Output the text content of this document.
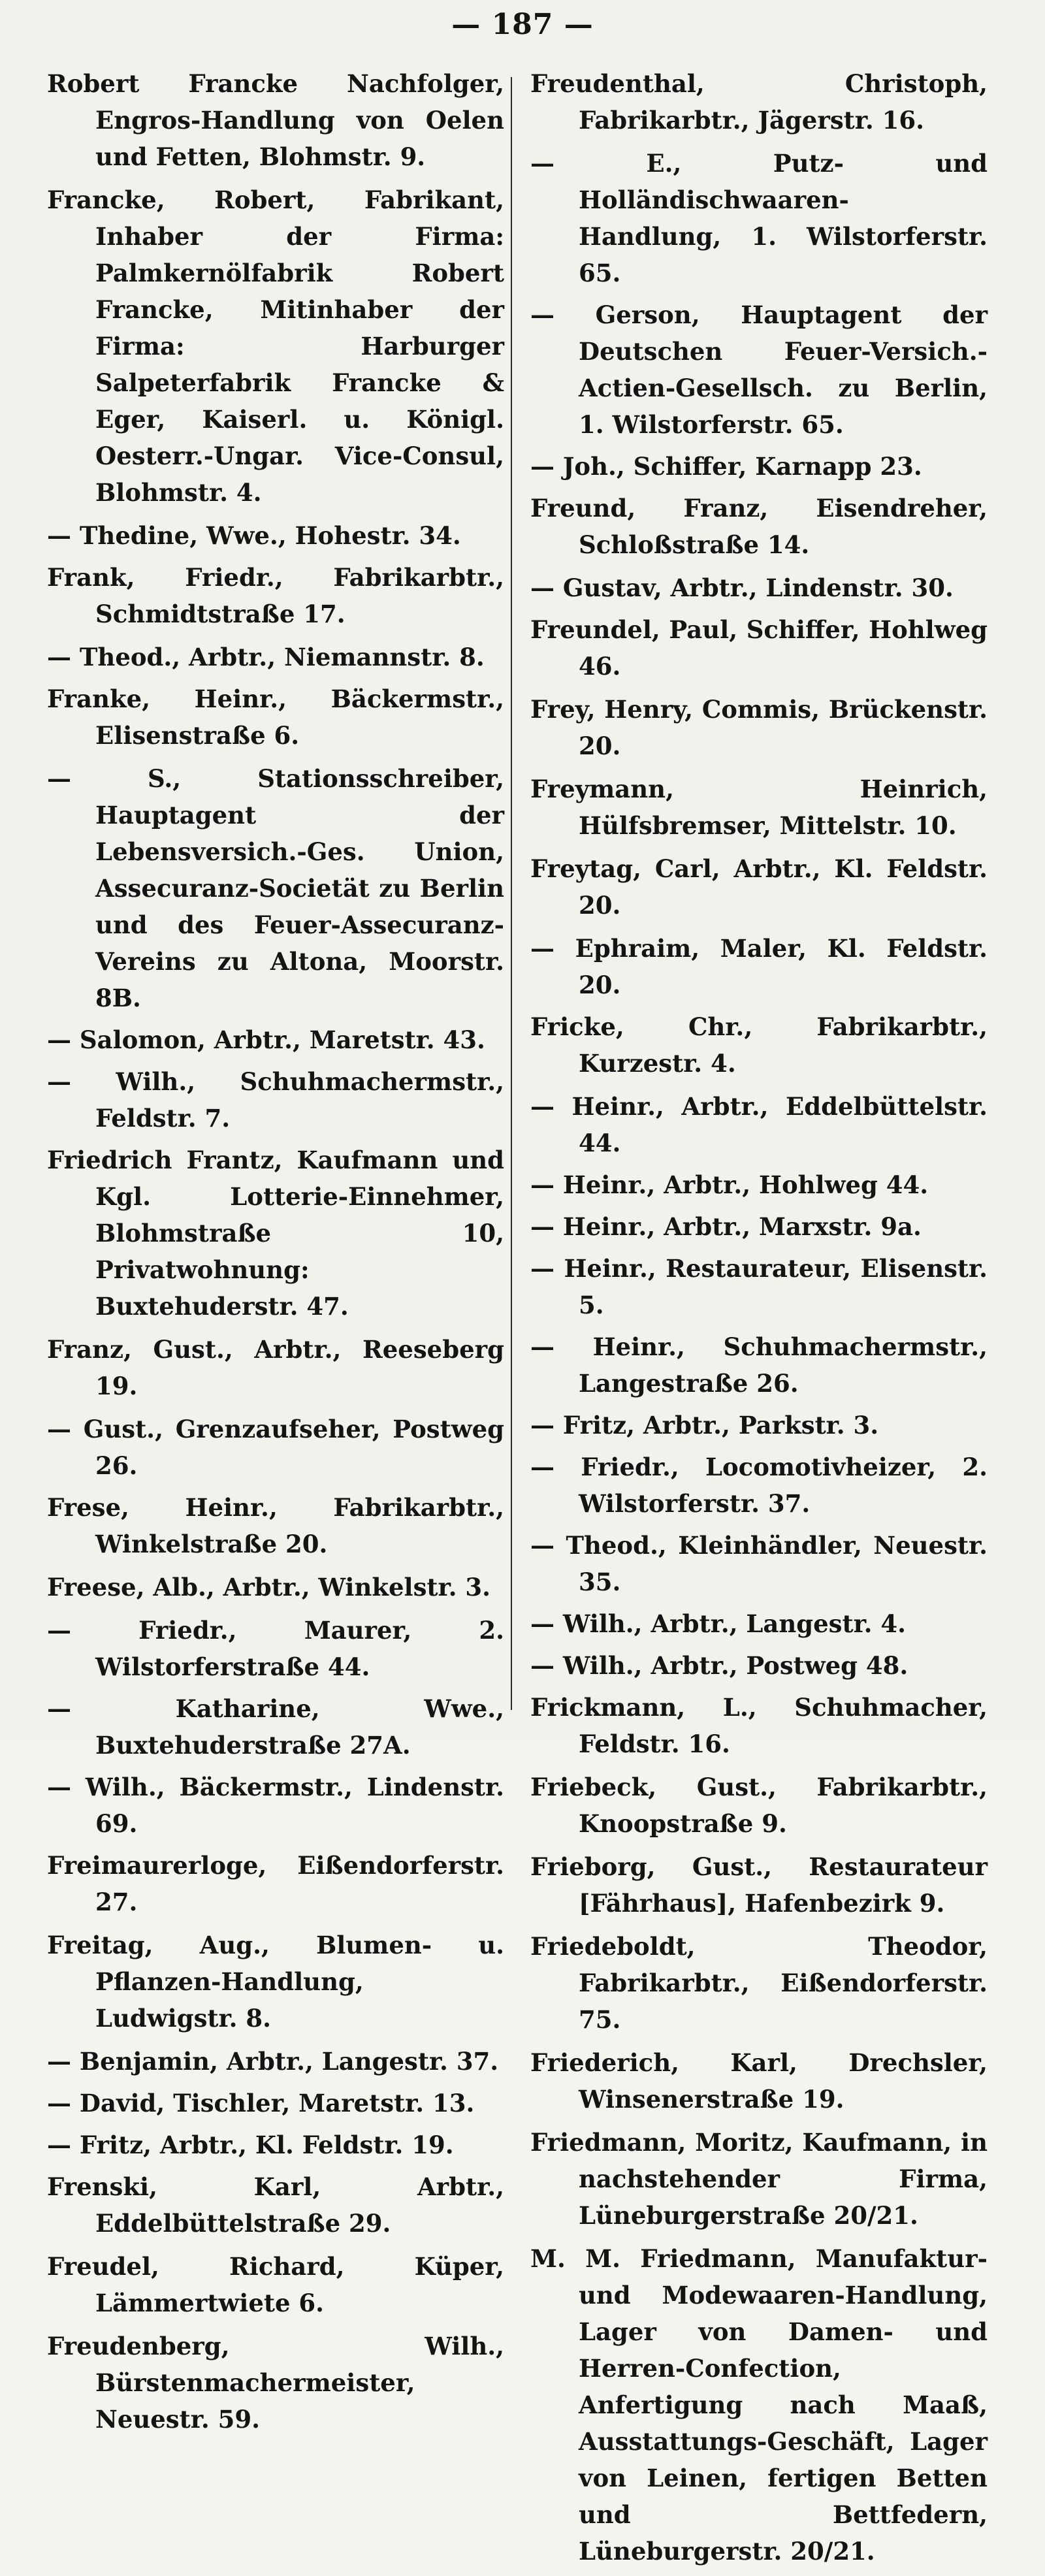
— 187 —
Robert Francke Nachfolger, Engros-Handlung von Oelen und Fetten, Blohmstr. 9.
Francke, Robert, Fabrikant, Inhaber der Firma: Palmkernölfabrik Robert Francke, Mitinhaber der Firma: Harburger Salpeterfabrik Francke & Eger, Kaiserl. u. Königl. Oesterr.-Ungar. Vice-Consul, Blohmstr. 4.
— Thedine, Wwe., Hohestr. 34.
Frank, Friedr., Fabrikarbtr., Schmidtstraße 17.
— Theod., Arbtr., Niemannstr. 8.
Franke, Heinr., Bäckermstr., Elisenstraße 6.
— S., Stationsschreiber, Hauptagent der Lebensversich.-Ges. Union, Assecuranz-Societät zu Berlin und des Feuer-Assecuranz-Vereins zu Altona, Moorstr. 8B.
— Salomon, Arbtr., Maretstr. 43.
— Wilh., Schuhmachermstr., Feldstr. 7.
Friedrich Frantz, Kaufmann und Kgl. Lotterie-Einnehmer, Blohmstraße 10, Privatwohnung: Buxtehuderstr. 47.
Franz, Gust., Arbtr., Reeseberg 19.
— Gust., Grenzaufseher, Postweg 26.
Frese, Heinr., Fabrikarbtr., Winkelstraße 20.
Freese, Alb., Arbtr., Winkelstr. 3.
— Friedr., Maurer, 2. Wilstorferstraße 44.
— Katharine, Wwe., Buxtehuderstraße 27A.
— Wilh., Bäckermstr., Lindenstr. 69.
Freimaurerloge, Eißendorferstr. 27.
Freitag, Aug., Blumen- u. Pflanzen-Handlung, Ludwigstr. 8.
— Benjamin, Arbtr., Langestr. 37.
— David, Tischler, Maretstr. 13.
— Fritz, Arbtr., Kl. Feldstr. 19.
Frenski, Karl, Arbtr., Eddelbüttelstraße 29.
Freudel, Richard, Küper, Lämmertwiete 6.
Freudenberg, Wilh., Bürstenmachermeister, Neuestr. 59.
Freudenthal, Christoph, Fabrikarbtr., Jägerstr. 16.
— E., Putz- und Holländischwaaren-Handlung, 1. Wilstorferstr. 65.
— Gerson, Hauptagent der Deutschen Feuer-Versich.-Actien-Gesellsch. zu Berlin, 1. Wilstorferstr. 65.
— Joh., Schiffer, Karnapp 23.
Freund, Franz, Eisendreher, Schloßstraße 14.
— Gustav, Arbtr., Lindenstr. 30.
Freundel, Paul, Schiffer, Hohlweg 46.
Frey, Henry, Commis, Brückenstr. 20.
Freymann, Heinrich, Hülfsbremser, Mittelstr. 10.
Freytag, Carl, Arbtr., Kl. Feldstr. 20.
— Ephraim, Maler, Kl. Feldstr. 20.
Fricke, Chr., Fabrikarbtr., Kurzestr. 4.
— Heinr., Arbtr., Eddelbüttelstr. 44.
— Heinr., Arbtr., Hohlweg 44.
— Heinr., Arbtr., Marxstr. 9a.
— Heinr., Restaurateur, Elisenstr. 5.
— Heinr., Schuhmachermstr., Langestraße 26.
— Fritz, Arbtr., Parkstr. 3.
— Friedr., Locomotivheizer, 2. Wilstorferstr. 37.
— Theod., Kleinhändler, Neuestr. 35.
— Wilh., Arbtr., Langestr. 4.
— Wilh., Arbtr., Postweg 48.
Frickmann, L., Schuhmacher, Feldstr. 16.
Friebeck, Gust., Fabrikarbtr., Knoopstraße 9.
Frieborg, Gust., Restaurateur [Fährhaus], Hafenbezirk 9.
Friedeboldt, Theodor, Fabrikarbtr., Eißendorferstr. 75.
Friederich, Karl, Drechsler, Winsenerstraße 19.
Friedmann, Moritz, Kaufmann, in nachstehender Firma, Lüneburgerstraße 20/21.
M. M. Friedmann, Manufaktur- und Modewaaren-Handlung, Lager von Damen- und Herren-Confection, Anfertigung nach Maaß, Ausstattungs-Geschäft, Lager von Leinen, fertigen Betten und Bettfedern, Lüneburgerstr. 20/21.
